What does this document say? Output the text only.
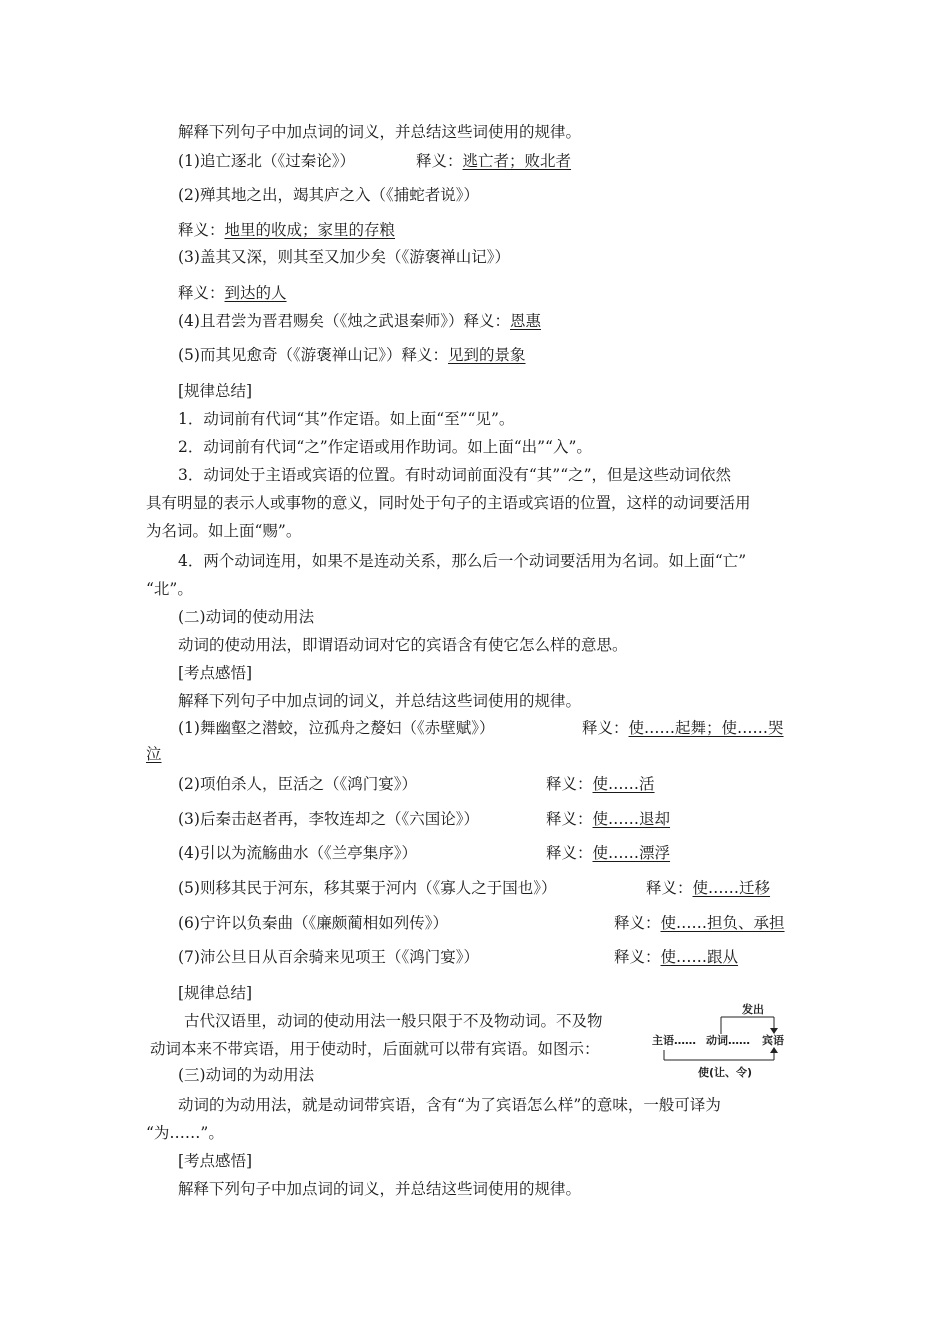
解释下列句子中加点词的词义，并总结这些词使用的规律。
(1)追亡逐北（《过秦论》）	释义：逃亡者；败北者
(2)殚其地之出，竭其庐之入（《捕蛇者说》）
释义：地里的收成；家里的存粮
(3)盖其又深，则其至又加少矣（《游褒禅山记》）
释义：到达的人
(4)且君尝为晋君赐矣（《烛之武退秦师》）释义：恩惠
(5)而其见愈奇（《游褒禅山记》）释义：见到的景象
[规律总结]
1．动词前有代词“其”作定语。如上面“至”“见”。
2．动词前有代词“之”作定语或用作助词。如上面“出”“入”。
3．动词处于主语或宾语的位置。有时动词前面没有“其”“之”，但是这些动词依然
具有明显的表示人或事物的意义，同时处于句子的主语或宾语的位置，这样的动词要活用
为名词。如上面“赐”。
4．两个动词连用，如果不是连动关系，那么后一个动词要活用为名词。如上面“亡”
“北”。
(二)动词的使动用法
动词的使动用法，即谓语动词对它的宾语含有使它怎么样的意思。
[考点感悟]
解释下列句子中加点词的词义，并总结这些词使用的规律。
(1)舞幽壑之潜蛟，泣孤舟之嫠妇（《赤壁赋》）	释义：使……起舞；使……哭
泣
(2)项伯杀人，臣活之（《鸿门宴》）	释义：使……活
(3)后秦击赵者再，李牧连却之（《六国论》）	释义：使……退却
(4)引以为流觞曲水（《兰亭集序》）	释义：使……漂浮
(5)则移其民于河东，移其粟于河内（《寡人之于国也》）	释义：使……迁移
(6)宁许以负秦曲（《廉颇蔺相如列传》）	释义：使……担负、承担
(7)沛公旦日从百余骑来见项王（《鸿门宴》）	释义：使……跟从
[规律总结]
古代汉语里，动词的使动用法一般只限于不及物动词。不及物
动词本来不带宾语，用于使动时，后面就可以带有宾语。如图示：
发出
主语…… 动词…… 宾语
使(让、令)
(三)动词的为动用法
动词的为动用法，就是动词带宾语，含有“为了宾语怎么样”的意味，一般可译为
“为……”。
[考点感悟]
解释下列句子中加点词的词义，并总结这些词使用的规律。
